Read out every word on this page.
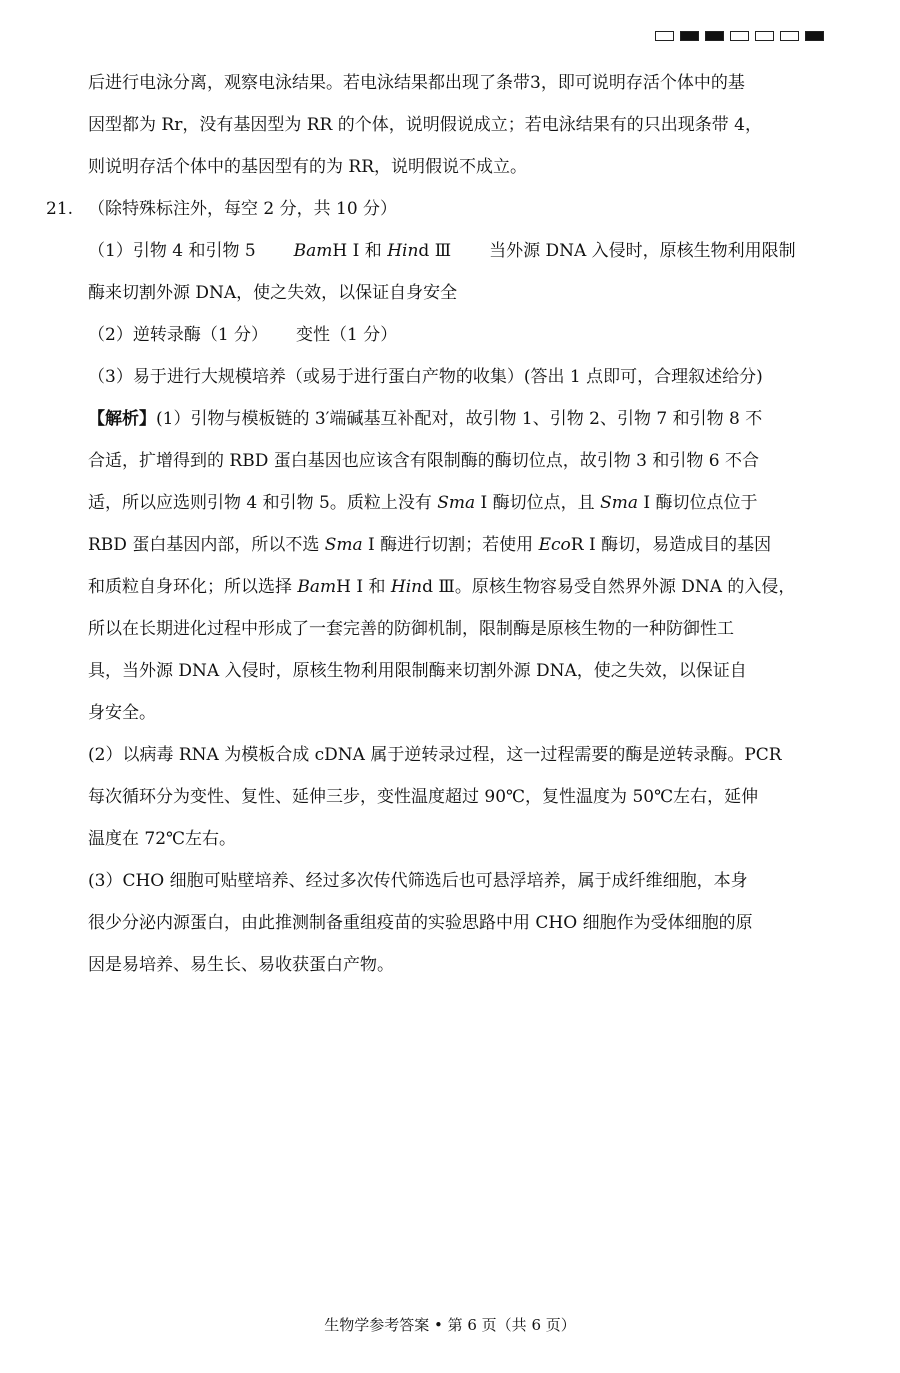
后进行电泳分离，观察电泳结果。若电泳结果都出现了条带3，即可说明存活个体中的基
因型都为 Rr，没有基因型为 RR 的个体，说明假说成立；若电泳结果有的只出现条带 4，
则说明存活个体中的基因型有的为 RR，说明假说不成立。
21. （除特殊标注外，每空 2 分，共 10 分）
（1）引物 4 和引物 5 BamH Ⅰ 和 Hind Ⅲ 当外源 DNA 入侵时，原核生物利用限制
酶来切割外源 DNA，使之失效，以保证自身安全
（2）逆转录酶（1 分） 变性（1 分）
（3）易于进行大规模培养（或易于进行蛋白产物的收集）(答出 1 点即可，合理叙述给分)
【解析】(1）引物与模板链的 3′端碱基互补配对，故引物 1、引物 2、引物 7 和引物 8 不
合适，扩增得到的 RBD 蛋白基因也应该含有限制酶的酶切位点，故引物 3 和引物 6 不合
适，所以应选则引物 4 和引物 5。质粒上没有 Sma Ⅰ 酶切位点，且 Sma Ⅰ 酶切位点位于
RBD 蛋白基因内部，所以不选 Sma Ⅰ 酶进行切割；若使用 EcoR Ⅰ 酶切，易造成目的基因
和质粒自身环化；所以选择 BamH Ⅰ 和 Hind Ⅲ。原核生物容易受自然界外源 DNA 的入侵，
所以在长期进化过程中形成了一套完善的防御机制，限制酶是原核生物的一种防御性工
具，当外源 DNA 入侵时，原核生物利用限制酶来切割外源 DNA，使之失效，以保证自
身安全。
(2）以病毒 RNA 为模板合成 cDNA 属于逆转录过程，这一过程需要的酶是逆转录酶。PCR
每次循环分为变性、复性、延伸三步，变性温度超过 90℃，复性温度为 50℃左右，延伸
温度在 72℃左右。
(3）CHO 细胞可贴壁培养、经过多次传代筛选后也可悬浮培养，属于成纤维细胞，本身
很少分泌内源蛋白，由此推测制备重组疫苗的实验思路中用 CHO 细胞作为受体细胞的原
因是易培养、易生长、易收获蛋白产物。
生物学参考答案 • 第 6 页（共 6 页）
